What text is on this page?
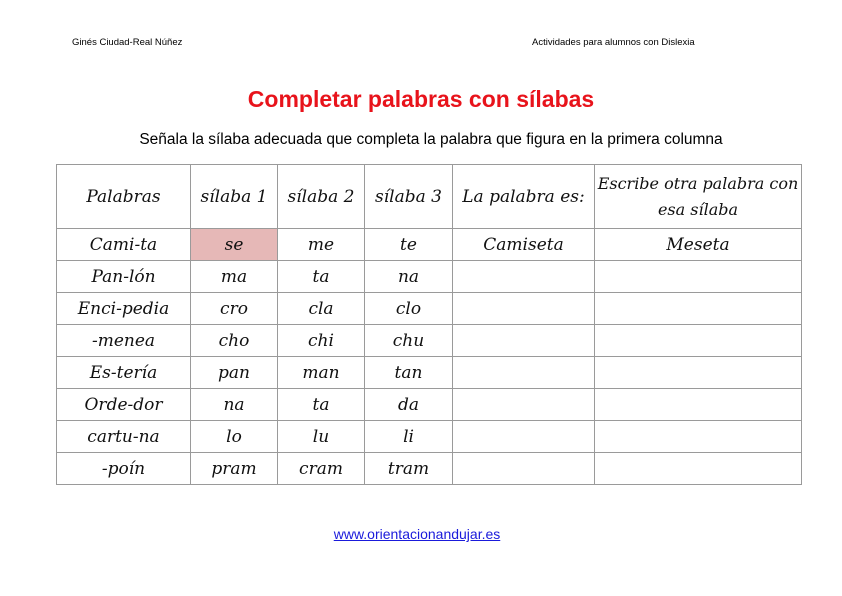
Ginés Ciudad-Real Núñez	Actividades para alumnos con Dislexia
Completar palabras con sílabas
Señala la sílaba adecuada que completa la palabra que figura en la primera columna
Palabras	sílaba 1	sílaba 2	sílaba 3	La palabra es:	Escribe otra palabra con esa sílaba
Cami-ta	se	me	te	Camiseta	Meseta
Pan-lón	ma	ta	na		
Enci-pedia	cro	cla	clo		
-menea	cho	chi	chu		
Es-tería	pan	man	tan		
Orde-dor	na	ta	da		
cartu-na	lo	lu	li		
-poín	pram	cram	tram		
www.orientacionandujar.es
